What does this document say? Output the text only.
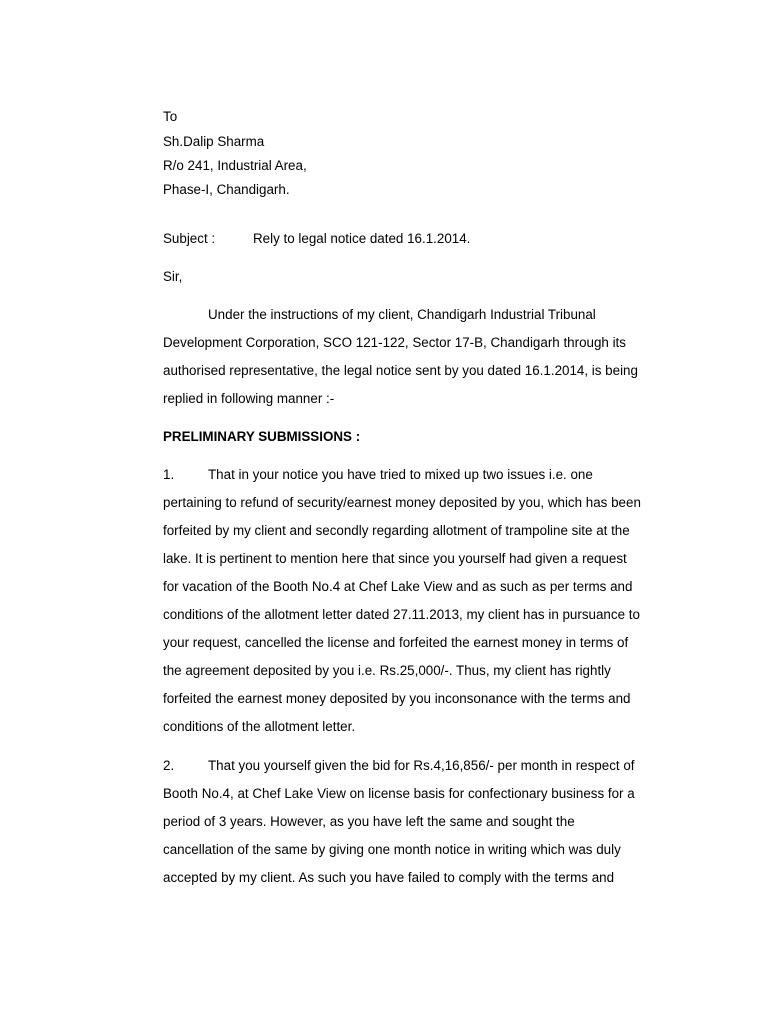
To
Sh.Dalip Sharma
R/o 241, Industrial Area,
Phase-I, Chandigarh.
Subject :	Rely to legal notice dated 16.1.2014.
Sir,
Under the instructions of my client, Chandigarh Industrial Tribunal
Development Corporation, SCO 121-122, Sector 17-B, Chandigarh through its
authorised representative, the legal notice sent by you dated 16.1.2014, is being
replied in following manner :-
PRELIMINARY SUBMISSIONS :
1.	That in your notice you have tried to mixed up two issues i.e. one
pertaining to refund of security/earnest money deposited by you, which has been
forfeited by my client and secondly regarding allotment of trampoline site at the
lake. It is pertinent to mention here that since you yourself had given a request
for vacation of the Booth No.4 at Chef Lake View and as such as per terms and
conditions of the allotment letter dated 27.11.2013, my client has in pursuance to
your request, cancelled the license and forfeited the earnest money in terms of
the agreement deposited by you i.e. Rs.25,000/-. Thus, my client has rightly
forfeited the earnest money deposited by you inconsonance with the terms and
conditions of the allotment letter.
2.	That you yourself given the bid for Rs.4,16,856/- per month in respect of
Booth No.4, at Chef Lake View on license basis for confectionary business for a
period of 3 years. However, as you have left the same and sought the
cancellation of the same by giving one month notice in writing which was duly
accepted by my client. As such you have failed to comply with the terms and
